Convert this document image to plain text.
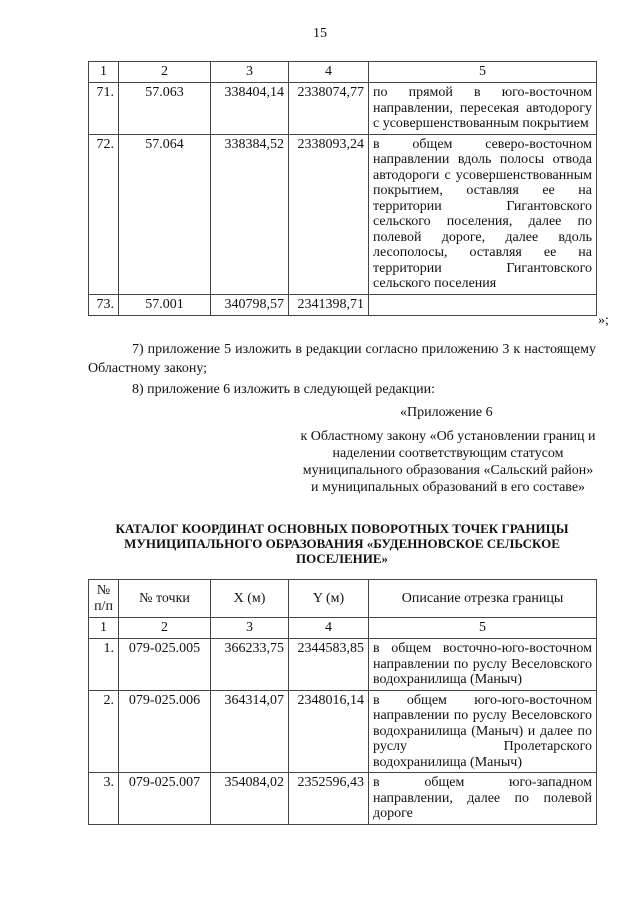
15
1	2	3	4	5
71.	57.063	338404,14	2338074,77	по прямой в юго-восточном направлении, пересекая автодорогу с усовершенствованным покрытием
72.	57.064	338384,52	2338093,24	в общем северо-восточном направлении вдоль полосы отвода автодороги с усовершенствованным покрытием, оставляя ее на территории Гигантовского сельского поселения, далее по полевой дороге, далее вдоль лесополосы, оставляя ее на территории Гигантовского сельского поселения
73.	57.001	340798,57	2341398,71	
»;
7) приложение 5 изложить в редакции согласно приложению 3 к настоящему Областному закону;
8) приложение 6 изложить в следующей редакции:
«Приложение 6
к Областному закону «Об установлении границ и наделении соответствующим статусом муниципального образования «Сальский район» и муниципальных образований в его составе»
КАТАЛОГ КООРДИНАТ ОСНОВНЫХ ПОВОРОТНЫХ ТОЧЕК ГРАНИЦЫ МУНИЦИПАЛЬНОГО ОБРАЗОВАНИЯ «БУДЕННОВСКОЕ СЕЛЬСКОЕ ПОСЕЛЕНИЕ»
№ п/п	№ точки	X (м)	Y (м)	Описание отрезка границы
1	2	3	4	5
1.	079-025.005	366233,75	2344583,85	в общем восточно-юго-восточном направлении по руслу Веселовского водохранилища (Маныч)
2.	079-025.006	364314,07	2348016,14	в общем юго-юго-восточном направлении по руслу Веселовского водохранилища (Маныч) и далее по руслу Пролетарского водохранилища (Маныч)
3.	079-025.007	354084,02	2352596,43	в общем юго-западном направлении, далее по полевой дороге
